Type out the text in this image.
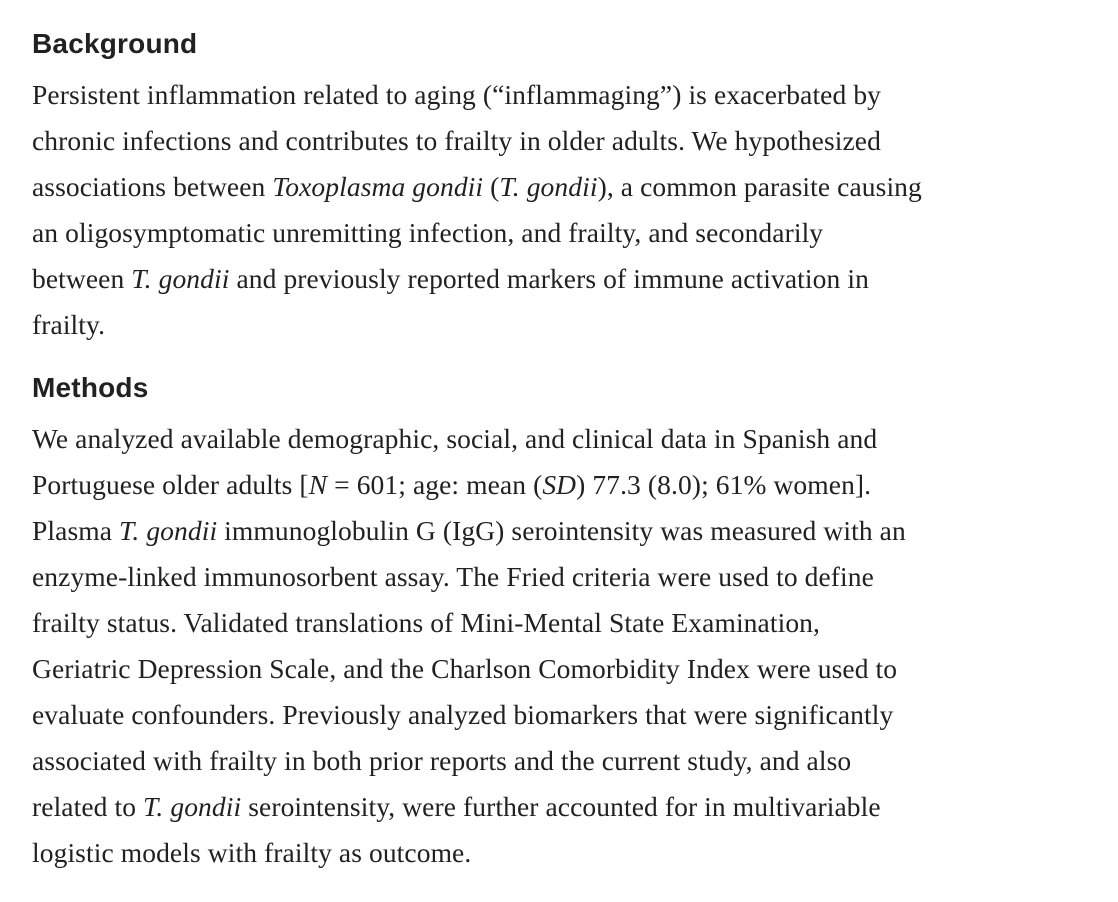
Background

Persistent inflammation related to aging (“inflammaging”) is exacerbated by
chronic infections and contributes to frailty in older adults. We hypothesized
associations between Toxoplasma gondii (T. gondii), a common parasite causing
an oligosymptomatic unremitting infection, and frailty, and secondarily
between T. gondii and previously reported markers of immune activation in
frailty.

Methods

We analyzed available demographic, social, and clinical data in Spanish and
Portuguese older adults [N = 601; age: mean (SD) 77.3 (8.0); 61% women].
Plasma T. gondii immunoglobulin G (IgG) serointensity was measured with an
enzyme-linked immunosorbent assay. The Fried criteria were used to define
frailty status. Validated translations of Mini-Mental State Examination,
Geriatric Depression Scale, and the Charlson Comorbidity Index were used to
evaluate confounders. Previously analyzed biomarkers that were significantly
associated with frailty in both prior reports and the current study, and also
related to T. gondii serointensity, were further accounted for in multivariable
logistic models with frailty as outcome.
